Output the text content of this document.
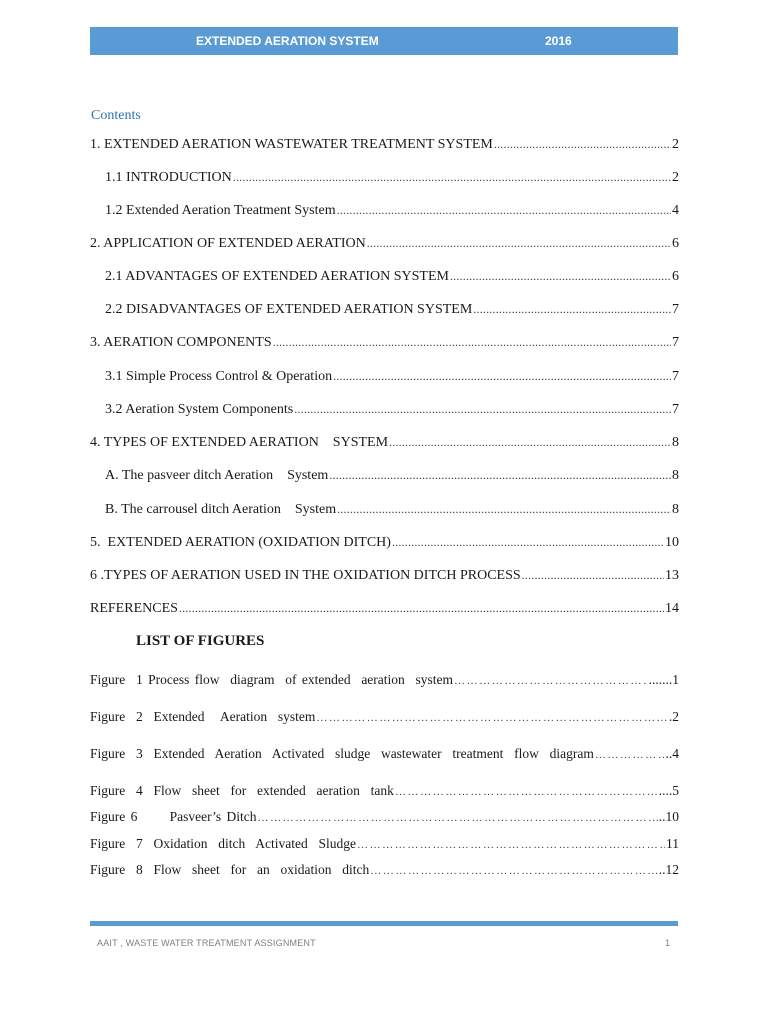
EXTENDED AERATION SYSTEM	2016
Contents
1. EXTENDED AERATION WASTEWATER TREATMENT SYSTEM .....	2
1.1 INTRODUCTION .....	2
1.2 Extended Aeration Treatment System .....	4
2. APPLICATION OF EXTENDED AERATION .....	6
2.1 ADVANTAGES OF EXTENDED AERATION SYSTEM .....	6
2.2 DISADVANTAGES OF EXTENDED AERATION SYSTEM .....	7
3. AERATION COMPONENTS .....	7
3.1 Simple Process Control & Operation .....	7
3.2 Aeration System Components .....	7
4. TYPES OF EXTENDED AERATION    SYSTEM .....	8
A. The pasveer ditch Aeration    System .....	8
B. The carrousel ditch Aeration    System .....	8
5.  EXTENDED AERATION (OXIDATION DITCH) .....	10
6 .TYPES OF AERATION USED IN THE OXIDATION DITCH PROCESS .....	13
REFERENCES .....	14
LIST OF FIGURES
Figure  1 Process flow  diagram  of extended  aeration  system ……………………………………………………………………………………………………………………………………………………	.......1
Figure  2  Extended   Aeration  system ……………………………………………………………………………………………………………………………………………………	.2
Figure  3  Extended  Aeration  Activated  sludge  wastewater  treatment  flow  diagram ……………………………………………………………………………………………………………………………………………………	..4
Figure  4  Flow  sheet  for  extended  aeration  tank ……………………………………………………………………………………………………………………………………………………	....5
Figure 6      Pasveer’s Ditch ……………………………………………………………………………………………………………………………………………………	..10
Figure  7  Oxidation  ditch  Activated  Sludge ……………………………………………………………………………………………………………………………………………………	11
Figure  8  Flow  sheet  for  an  oxidation  ditch ……………………………………………………………………………………………………………………………………………………	..12
AAIT , WASTE WATER TREATMENT ASSIGNMENT	1
